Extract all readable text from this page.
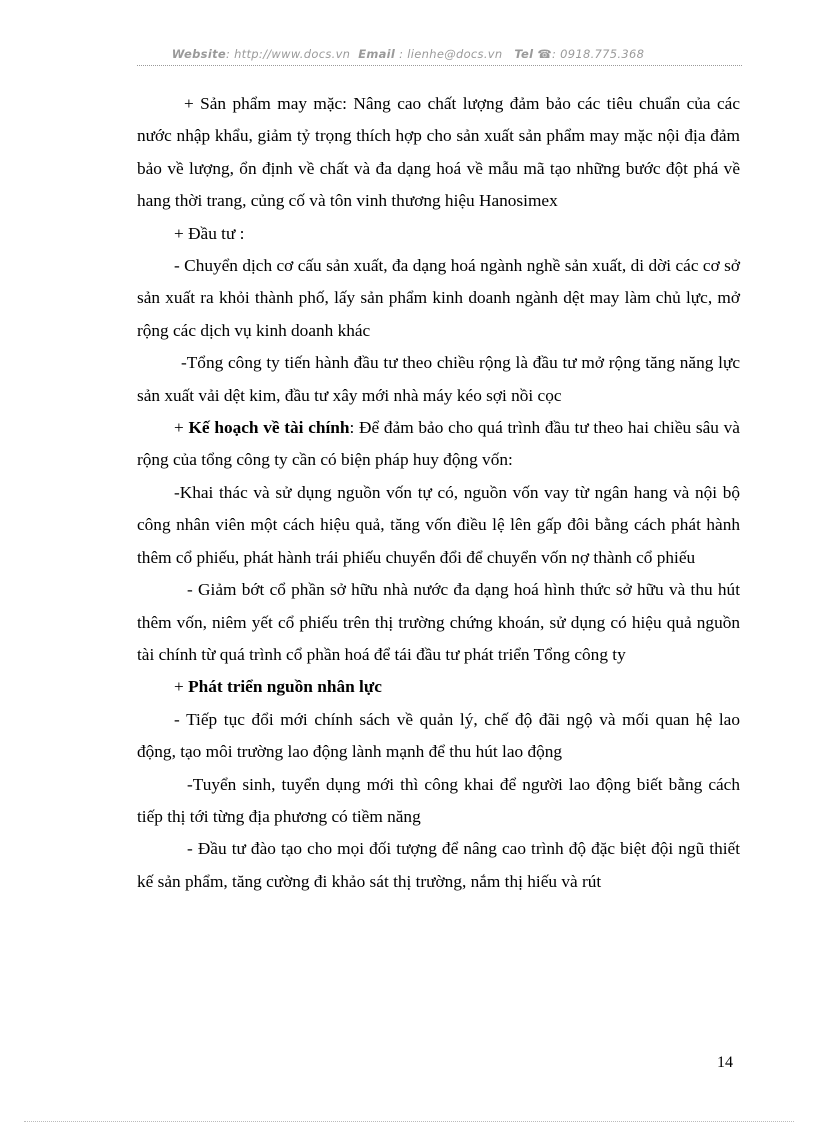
Website: http://www.docs.vn Email : lienhe@docs.vn Tel ☎: 0918.775.368

+ Sản phẩm may mặc: Nâng cao chất lượng đảm bảo các tiêu chuẩn của các nước nhập khẩu, giảm tỷ trọng thích hợp cho sản xuất sản phẩm may mặc nội địa đảm bảo về lượng, ổn định về chất và đa dạng hoá về mẫu mã tạo những bước đột phá về hang thời trang, củng cố và tôn vinh thương hiệu Hanosimex

+ Đầu tư :

- Chuyển dịch cơ cấu sản xuất, đa dạng hoá ngành nghề sản xuất, di dời các cơ sở sản xuất ra khỏi thành phố, lấy sản phẩm kinh doanh ngành dệt may làm chủ lực, mở rộng các dịch vụ kinh doanh khác

-Tổng công ty tiến hành đầu tư theo chiều rộng là đầu tư mở rộng tăng năng lực sản xuất vải dệt kim, đầu tư xây mới nhà máy kéo sợi nồi cọc

+ Kế hoạch về tài chính: Để đảm bảo cho quá trình đầu tư theo hai chiều sâu và rộng của tổng công ty cần có biện pháp huy động vốn:

-Khai thác và sử dụng nguồn vốn tự có, nguồn vốn vay từ ngân hang và nội bộ công nhân viên một cách hiệu quả, tăng vốn điều lệ lên gấp đôi bằng cách phát hành thêm cổ phiếu, phát hành trái phiếu chuyển đổi để chuyển vốn nợ thành cổ phiếu

- Giảm bớt cổ phần sở hữu nhà nước đa dạng hoá hình thức sở hữu và thu hút thêm vốn, niêm yết cổ phiếu trên thị trường chứng khoán, sử dụng có hiệu quả nguồn tài chính từ quá trình cổ phần hoá để tái đầu tư phát triển Tổng công ty

+ Phát triển nguồn nhân lực

- Tiếp tục đổi mới chính sách về quản lý, chế độ đãi ngộ và mối quan hệ lao động, tạo môi trường lao động lành mạnh để thu hút lao động

-Tuyển sinh, tuyển dụng mới thì công khai để người lao động biết bằng cách tiếp thị tới từng địa phương có tiềm năng

- Đầu tư đào tạo cho mọi đối tượng để nâng cao trình độ đặc biệt đội ngũ thiết kế sản phẩm, tăng cường đi khảo sát thị trường, nắm thị hiếu và rút

14
